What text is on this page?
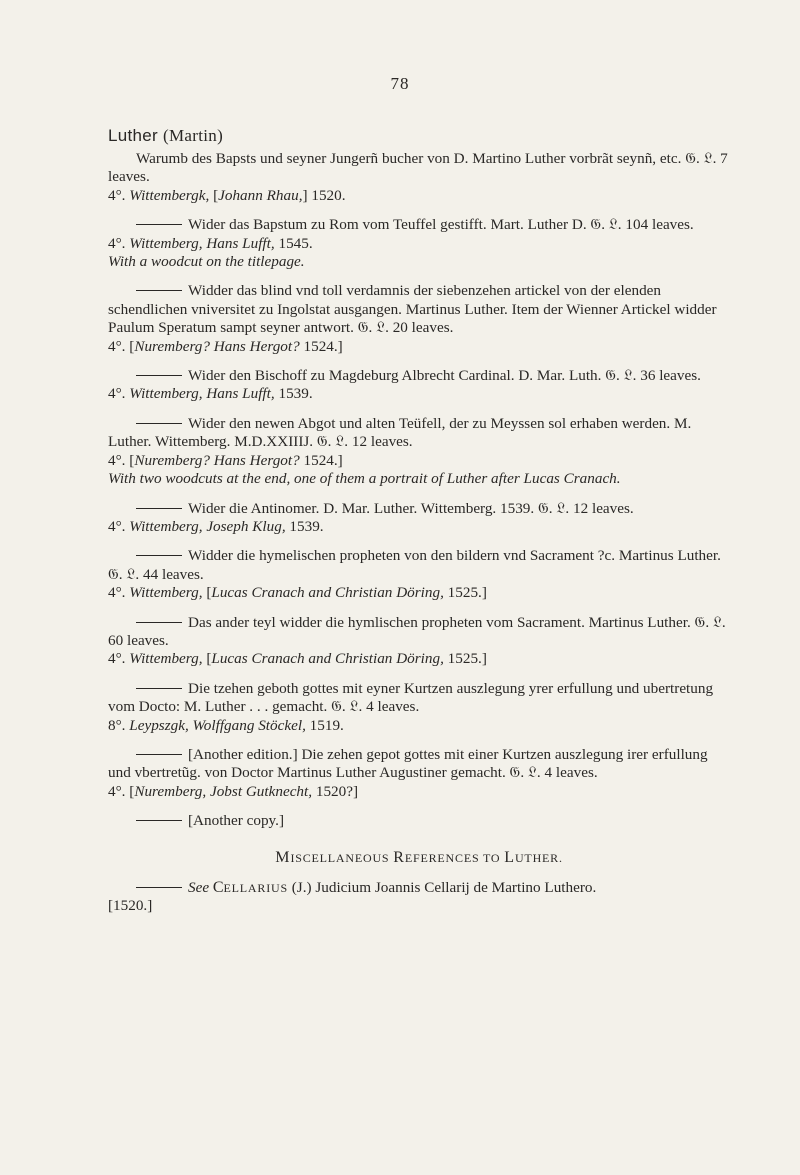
78
Luther (Martin)
Warumb des Bapsts und seyner Jungerñ bucher von D. Martino Luther vorbrãt seynñ, etc. 𝔊. 𝔏. 7 leaves.
4°. Wittembergk, [Johann Rhau,] 1520.
Wider das Bapstum zu Rom vom Teuffel gestifft. Mart. Luther D. 𝔊. 𝔏. 104 leaves.
4°. Wittemberg, Hans Lufft, 1545.
With a woodcut on the titlepage.
Widder das blind vnd toll verdamnis der siebenzehen artickel von der elenden schendlichen vniversitet zu Ingolstat ausgangen. Martinus Luther. Item der Wienner Artickel widder Paulum Speratum sampt seyner antwort. 𝔊. 𝔏. 20 leaves.
4°. [Nuremberg? Hans Hergot? 1524.]
Wider den Bischoff zu Magdeburg Albrecht Cardinal. D. Mar. Luth. 𝔊. 𝔏. 36 leaves.
4°. Wittemberg, Hans Lufft, 1539.
Wider den newen Abgot und alten Teüfell, der zu Meyssen sol erhaben werden. M. Luther. Wittemberg. M.D.XXIIIJ. 𝔊. 𝔏. 12 leaves.
4°. [Nuremberg? Hans Hergot? 1524.]
With two woodcuts at the end, one of them a portrait of Luther after Lucas Cranach.
Wider die Antinomer. D. Mar. Luther. Wittemberg. 1539. 𝔊. 𝔏. 12 leaves.
4°. Wittemberg, Joseph Klug, 1539.
Widder die hymelischen propheten von den bildern vnd Sacrament ?c. Martinus Luther. 𝔊. 𝔏. 44 leaves.
4°. Wittemberg, [Lucas Cranach and Christian Döring, 1525.]
Das ander teyl widder die hymlischen propheten vom Sacrament. Martinus Luther. 𝔊. 𝔏. 60 leaves.
4°. Wittemberg, [Lucas Cranach and Christian Döring, 1525.]
Die tzehen geboth gottes mit eyner Kurtzen auszlegung yrer erfullung und ubertretung vom Docto: M. Luther . . . gemacht. 𝔊. 𝔏. 4 leaves.
8°. Leypszgk, Wolffgang Stöckel, 1519.
[Another edition.] Die zehen gepot gottes mit einer Kurtzen auszlegung irer erfullung und vbertretũg. von Doctor Martinus Luther Augustiner gemacht. 𝔊. 𝔏. 4 leaves.
4°. [Nuremberg, Jobst Gutknecht, 1520?]
[Another copy.]
MISCELLANEOUS REFERENCES TO LUTHER.
See CELLARIUS (J.) Judicium Joannis Cellarij de Martino Luthero.
[1520.]
